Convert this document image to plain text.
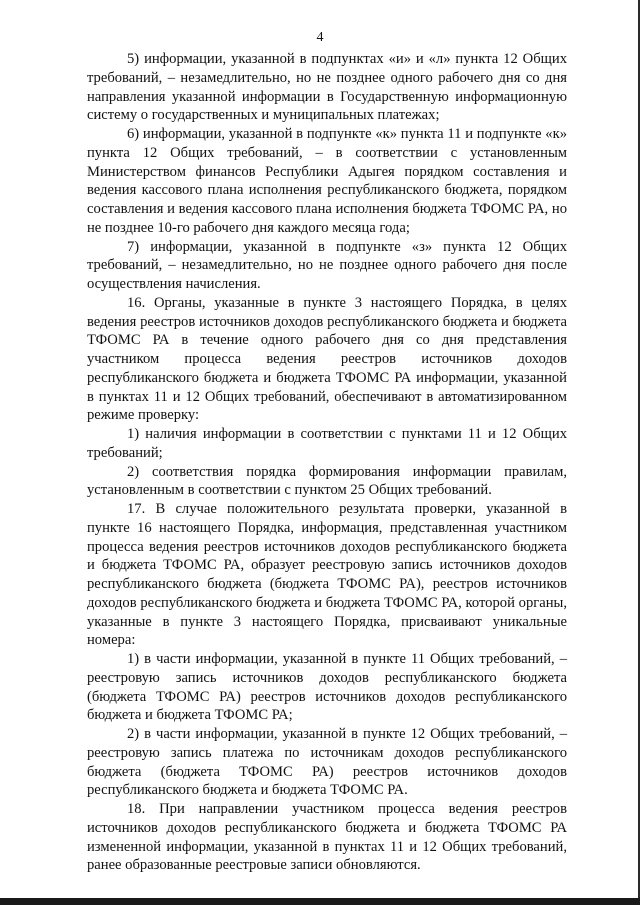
4

5) информации, указанной в подпунктах «и» и «л» пункта 12 Общих требований, – незамедлительно, но не позднее одного рабочего дня со дня направления указанной информации в Государственную информационную систему о государственных и муниципальных платежах;

6) информации, указанной в подпункте «к» пункта 11 и подпункте «к» пункта 12 Общих требований, – в соответствии с установленным Министерством финансов Республики Адыгея порядком составления и ведения кассового плана исполнения республиканского бюджета, порядком составления и ведения кассового плана исполнения бюджета ТФОМС РА, но не позднее 10-го рабочего дня каждого месяца года;

7) информации, указанной в подпункте «з» пункта 12 Общих требований, – незамедлительно, но не позднее одного рабочего дня после осуществления начисления.

16. Органы, указанные в пункте 3 настоящего Порядка, в целях ведения реестров источников доходов республиканского бюджета и бюджета ТФОМС РА в течение одного рабочего дня со дня представления участником процесса ведения реестров источников доходов республиканского бюджета и бюджета ТФОМС РА информации, указанной в пунктах 11 и 12 Общих требований, обеспечивают в автоматизированном режиме проверку:

1) наличия информации в соответствии с пунктами 11 и 12 Общих требований;

2) соответствия порядка формирования информации правилам, установленным в соответствии с пунктом 25 Общих требований.

17. В случае положительного результата проверки, указанной в пункте 16 настоящего Порядка, информация, представленная участником процесса ведения реестров источников доходов республиканского бюджета и бюджета ТФОМС РА, образует реестровую запись источников доходов республиканского бюджета (бюджета ТФОМС РА), реестров источников доходов республиканского бюджета и бюджета ТФОМС РА, которой органы, указанные в пункте 3 настоящего Порядка, присваивают уникальные номера:

1) в части информации, указанной в пункте 11 Общих требований, – реестровую запись источников доходов республиканского бюджета (бюджета ТФОМС РА) реестров источников доходов республиканского бюджета и бюджета ТФОМС РА;

2) в части информации, указанной в пункте 12 Общих требований, – реестровую запись платежа по источникам доходов республиканского бюджета (бюджета ТФОМС РА) реестров источников доходов республиканского бюджета и бюджета ТФОМС РА.

18. При направлении участником процесса ведения реестров источников доходов республиканского бюджета и бюджета ТФОМС РА измененной информации, указанной в пунктах 11 и 12 Общих требований, ранее образованные реестровые записи обновляются.
